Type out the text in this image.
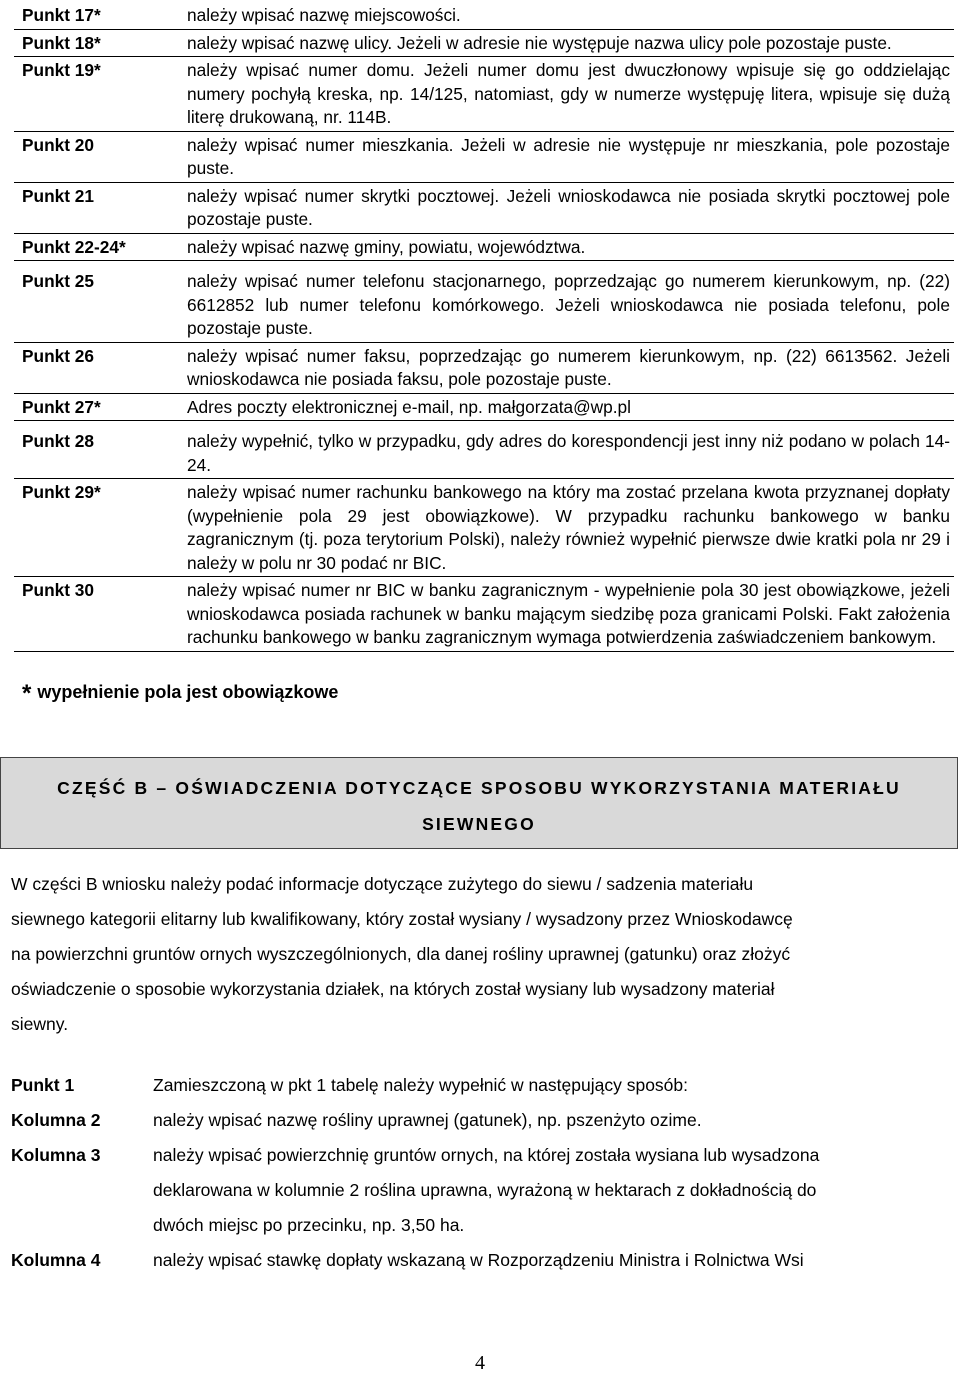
Punkt 17*	należy wpisać nazwę miejscowości.
Punkt 18*	należy wpisać nazwę ulicy. Jeżeli w adresie nie występuje nazwa ulicy pole pozostaje puste.
Punkt 19*	należy wpisać numer domu. Jeżeli numer domu jest dwuczłonowy wpisuje się go oddzielając numery pochyłą kreska, np. 14/125, natomiast, gdy w numerze występuję litera, wpisuje się dużą literę drukowaną, nr. 114B.
Punkt 20	należy wpisać numer mieszkania. Jeżeli w adresie nie występuje nr mieszkania, pole pozostaje puste.
Punkt 21	należy wpisać numer skrytki pocztowej. Jeżeli wnioskodawca nie posiada skrytki pocztowej pole pozostaje puste.
Punkt 22-24*	należy wpisać nazwę gminy, powiatu, województwa.
Punkt 25	należy wpisać numer telefonu stacjonarnego, poprzedzając go numerem kierunkowym, np. (22) 6612852 lub numer telefonu komórkowego. Jeżeli wnioskodawca nie posiada telefonu, pole pozostaje puste.
Punkt 26	należy wpisać numer faksu, poprzedzając go numerem kierunkowym, np. (22) 6613562. Jeżeli wnioskodawca nie posiada faksu, pole pozostaje puste.
Punkt 27*	Adres poczty elektronicznej e-mail, np. małgorzata@wp.pl
Punkt 28	należy wypełnić, tylko w przypadku, gdy adres do korespondencji jest inny niż podano w polach 14-24.
Punkt 29*	należy wpisać numer rachunku bankowego na który ma zostać przelana kwota przyznanej dopłaty (wypełnienie pola 29 jest obowiązkowe). W przypadku rachunku bankowego w banku zagranicznym (tj. poza terytorium Polski), należy również wypełnić pierwsze dwie kratki pola nr 29 i należy w polu nr 30 podać nr BIC.
Punkt 30	należy wpisać numer nr BIC w banku zagranicznym - wypełnienie pola 30 jest obowiązkowe, jeżeli wnioskodawca posiada rachunek w banku mającym siedzibę poza granicami Polski. Fakt założenia rachunku bankowego w banku zagranicznym wymaga potwierdzenia zaświadczeniem bankowym.
* wypełnienie pola jest obowiązkowe
CZĘŚĆ B – OŚWIADCZENIA DOTYCZĄCE SPOSOBU WYKORZYSTANIA MATERIAŁU
SIEWNEGO
W części B wniosku należy podać informacje dotyczące zużytego do siewu / sadzenia materiału
siewnego kategorii elitarny lub kwalifikowany, który został wysiany / wysadzony przez Wnioskodawcę
na powierzchni gruntów ornych wyszczególnionych, dla danej rośliny uprawnej (gatunku) oraz złożyć
oświadczenie o sposobie wykorzystania działek, na których został wysiany lub wysadzony materiał
siewny.
Punkt 1	Zamieszczoną w pkt 1 tabelę należy wypełnić w następujący sposób:
Kolumna 2	należy wpisać nazwę rośliny uprawnej (gatunek), np. pszenżyto ozime.
Kolumna 3	należy wpisać powierzchnię gruntów ornych, na której została wysiana lub wysadzona
deklarowana w kolumnie 2 roślina uprawna, wyrażoną w hektarach z dokładnością do
dwóch miejsc po przecinku, np. 3,50 ha.
Kolumna 4	należy wpisać stawkę dopłaty wskazaną w Rozporządzeniu Ministra i Rolnictwa Wsi
4
